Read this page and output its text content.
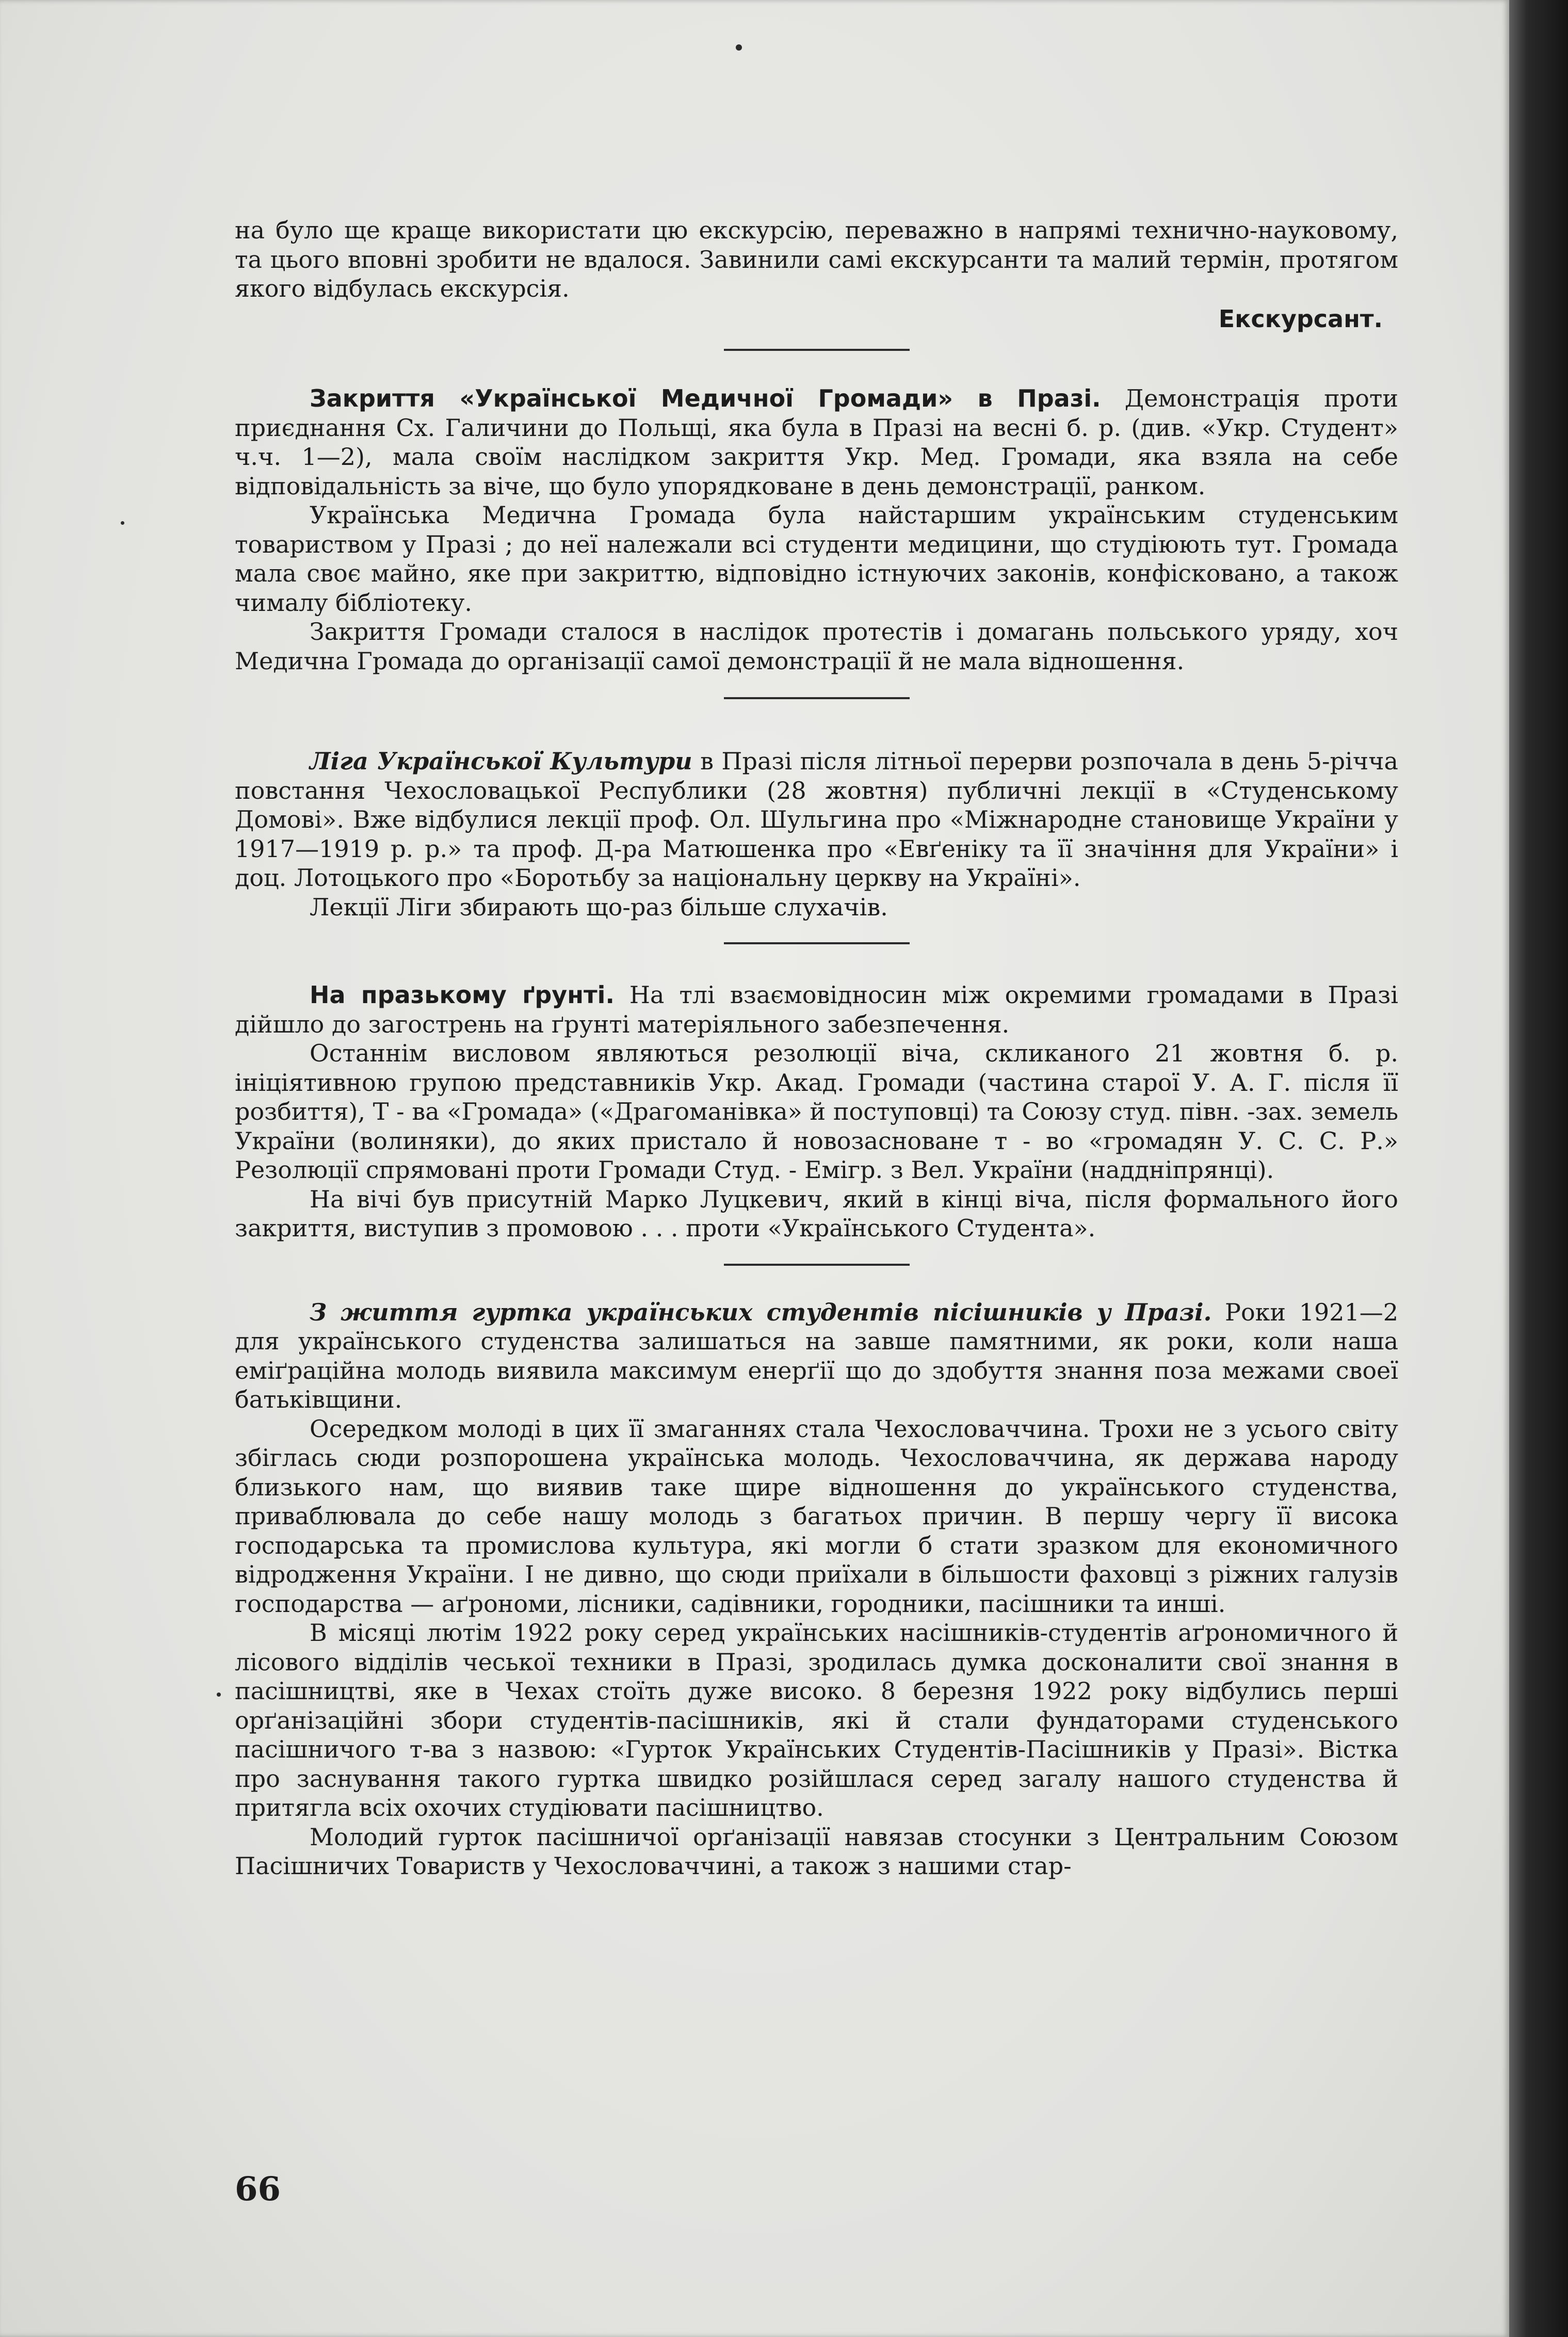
на було ще краще використати цю екскурсію, переважно в напрямі технично-науковому, та цього вповні зробити не вдалося. Завинили самі екскурсанти та малий термін, протягом якого відбулась екскурсія.

Екскурсант.

Закриття «Української Медичної Громади» в Празі. Демонстрація проти приєднання Сх. Галичини до Польщі, яка була в Празі на весні б. р. (див. «Укр. Студент» ч.ч. 1—2), мала своїм наслідком закриття Укр. Мед. Громади, яка взяла на себе відповідальність за віче, що було упорядковане в день демонстрації, ранком.

Українська Медична Громада була найстаршим українським студенським товариством у Празі ; до неї належали всі студенти медицини, що студіюють тут. Громада мала своє майно, яке при закриттю, відповідно істнуючих законів, конфісковано, а також чималу бібліотеку.

Закриття Громади сталося в наслідок протестів і домагань польського уряду, хоч Медична Громада до організації самої демонстрації й не мала відношення.

Ліга Української Культури в Празі після літньої перерви розпочала в день 5-річча повстання Чехословацької Республики (28 жовтня) публичні лекції в «Студенському Домові». Вже відбулися лекції проф. Ол. Шульгина про «Міжнародне становище України у 1917—1919 р. р.» та проф. Д-ра Матюшенка про «Евґеніку та її значіння для України» і доц. Лотоцького про «Боротьбу за національну церкву на Україні».

Лекції Ліги збирають що-раз більше слухачів.

На празькому ґрунті. На тлі взаємовідносин між окремими громадами в Празі дійшло до загострень на ґрунті матеріяльного забезпечення.

Останнім висловом являються резолюції віча, скликаного 21 жовтня б. р. ініціятивною групою представників Укр. Акад. Громади (частина старої У. А. Г. після її розбиття), Т - ва «Громада» («Драгоманівка» й поступовці) та Союзу студ. півн. -зах. земель України (волиняки), до яких пристало й новозасноване т - во «громадян У. С. С. Р.» Резолюції спрямовані проти Громади Студ. - Емігр. з Вел. України (наддніпрянці).

На вічі був присутній Марко Луцкевич, який в кінці віча, після формального його закриття, виступив з промовою . . . проти «Українського Студента».

З життя гуртка українських студентів пісішників у Празі. Роки 1921—2 для українського студенства залишаться на завше памятними, як роки, коли наша еміґраційна молодь виявила максимум енерґії що до здобуття знання поза межами своеї батьківщини.

Осередком молоді в цих її змаганнях стала Чехословаччина. Трохи не з усього світу збіглась сюди розпорошена українська молодь. Чехословаччина, як держава народу близького нам, що виявив таке щире відношення до українського студенства, приваблювала до себе нашу молодь з багатьох причин. В першу чергу її висока господарська та промислова культура, які могли б стати зразком для економичного відродження України. І не дивно, що сюди приїхали в більшости фаховці з ріжних галузів господарства — аґрономи, лісники, садівники, городники, пасішники та инші.

В місяці лютім 1922 року серед українських насішників-студентів аґрономичного й лісового відділів чеської техники в Празі, зродилась думка досконалити свої знання в пасішництві, яке в Чехах стоїть дуже високо. 8 березня 1922 року відбулись перші орґанізаційні збори студентів-пасішників, які й стали фундаторами студенського пасішничого т-ва з назвою: «Гурток Українських Студентів-Пасішників у Празі». Вістка про заснування такого гуртка швидко розійшлася серед загалу нашого студенства й притягла всіх охочих студіювати пасішництво.

Молодий гурток пасішничої орґанізації навязав стосунки з Центральним Союзом Пасішничих Товариств у Чехословаччині, а також з нашими стар-

66
